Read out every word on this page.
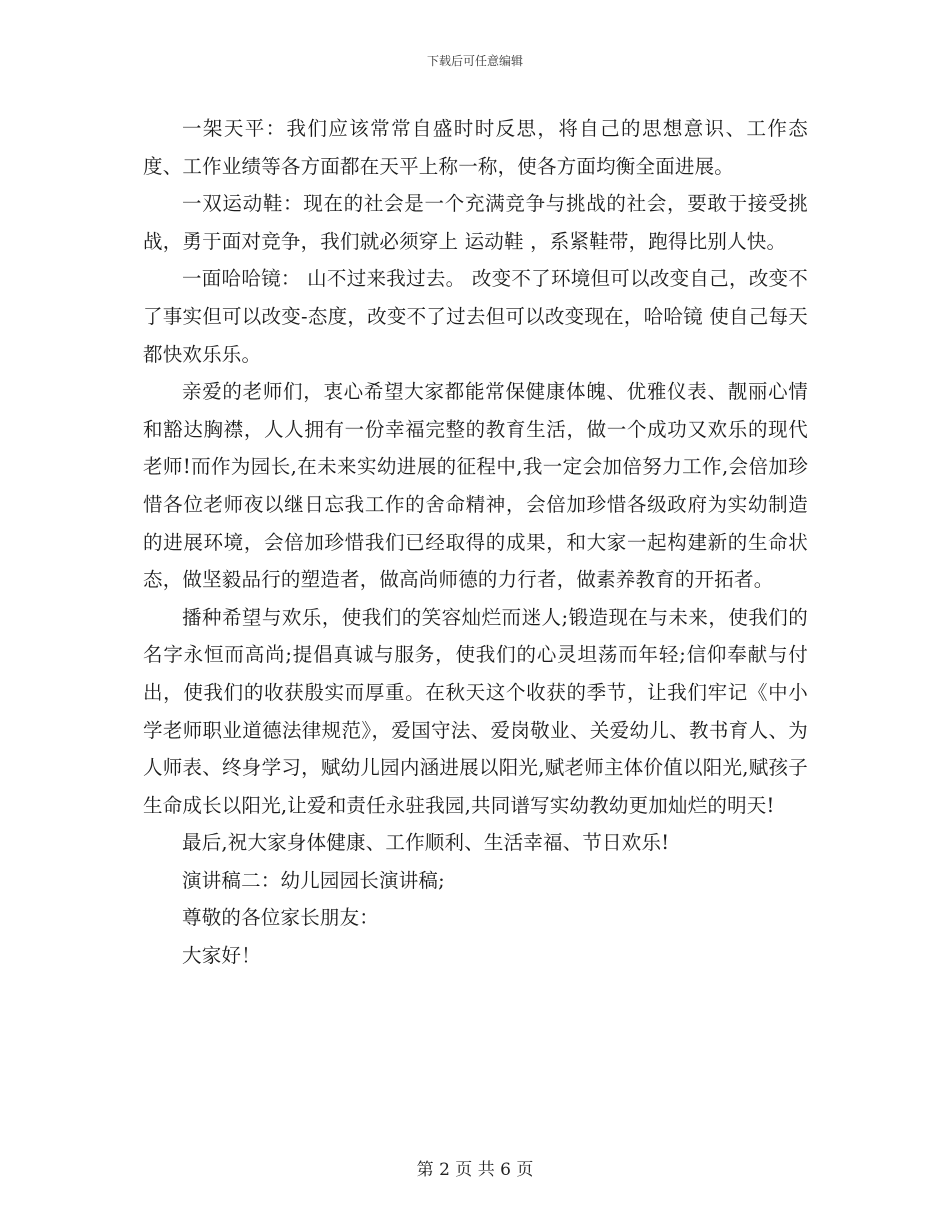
下载后可任意编辑

一架天平：我们应该常常自盛时时反思，将自己的思想意识、工作态度、工作业绩等各方面都在天平上称一称，使各方面均衡全面进展。

一双运动鞋：现在的社会是一个充满竞争与挑战的社会，要敢于接受挑战，勇于面对竞争，我们就必须穿上 运动鞋 ，系紧鞋带，跑得比别人快。

一面哈哈镜： 山不过来我过去。 改变不了环境但可以改变自己，改变不了事实但可以改变-态度，改变不了过去但可以改变现在，哈哈镜 使自己每天都快欢乐乐。

亲爱的老师们，衷心希望大家都能常保健康体魄、优雅仪表、靓丽心情和豁达胸襟，人人拥有一份幸福完整的教育生活，做一个成功又欢乐的现代老师!而作为园长,在未来实幼进展的征程中,我一定会加倍努力工作,会倍加珍惜各位老师夜以继日忘我工作的舍命精神，会倍加珍惜各级政府为实幼制造的进展环境，会倍加珍惜我们已经取得的成果，和大家一起构建新的生命状态，做坚毅品行的塑造者，做高尚师德的力行者，做素养教育的开拓者。

播种希望与欢乐，使我们的笑容灿烂而迷人;锻造现在与未来，使我们的名字永恒而高尚;提倡真诚与服务，使我们的心灵坦荡而年轻;信仰奉献与付出，使我们的收获殷实而厚重。在秋天这个收获的季节，让我们牢记《中小学老师职业道德法律规范》，爱国守法、爱岗敬业、关爱幼儿、教书育人、为人师表、终身学习，赋幼儿园内涵进展以阳光,赋老师主体价值以阳光,赋孩子生命成长以阳光,让爱和责任永驻我园,共同谱写实幼教幼更加灿烂的明天!

最后,祝大家身体健康、工作顺利、生活幸福、节日欢乐!

演讲稿二：幼儿园园长演讲稿;

尊敬的各位家长朋友：

大家好！

第 2 页 共 6 页
